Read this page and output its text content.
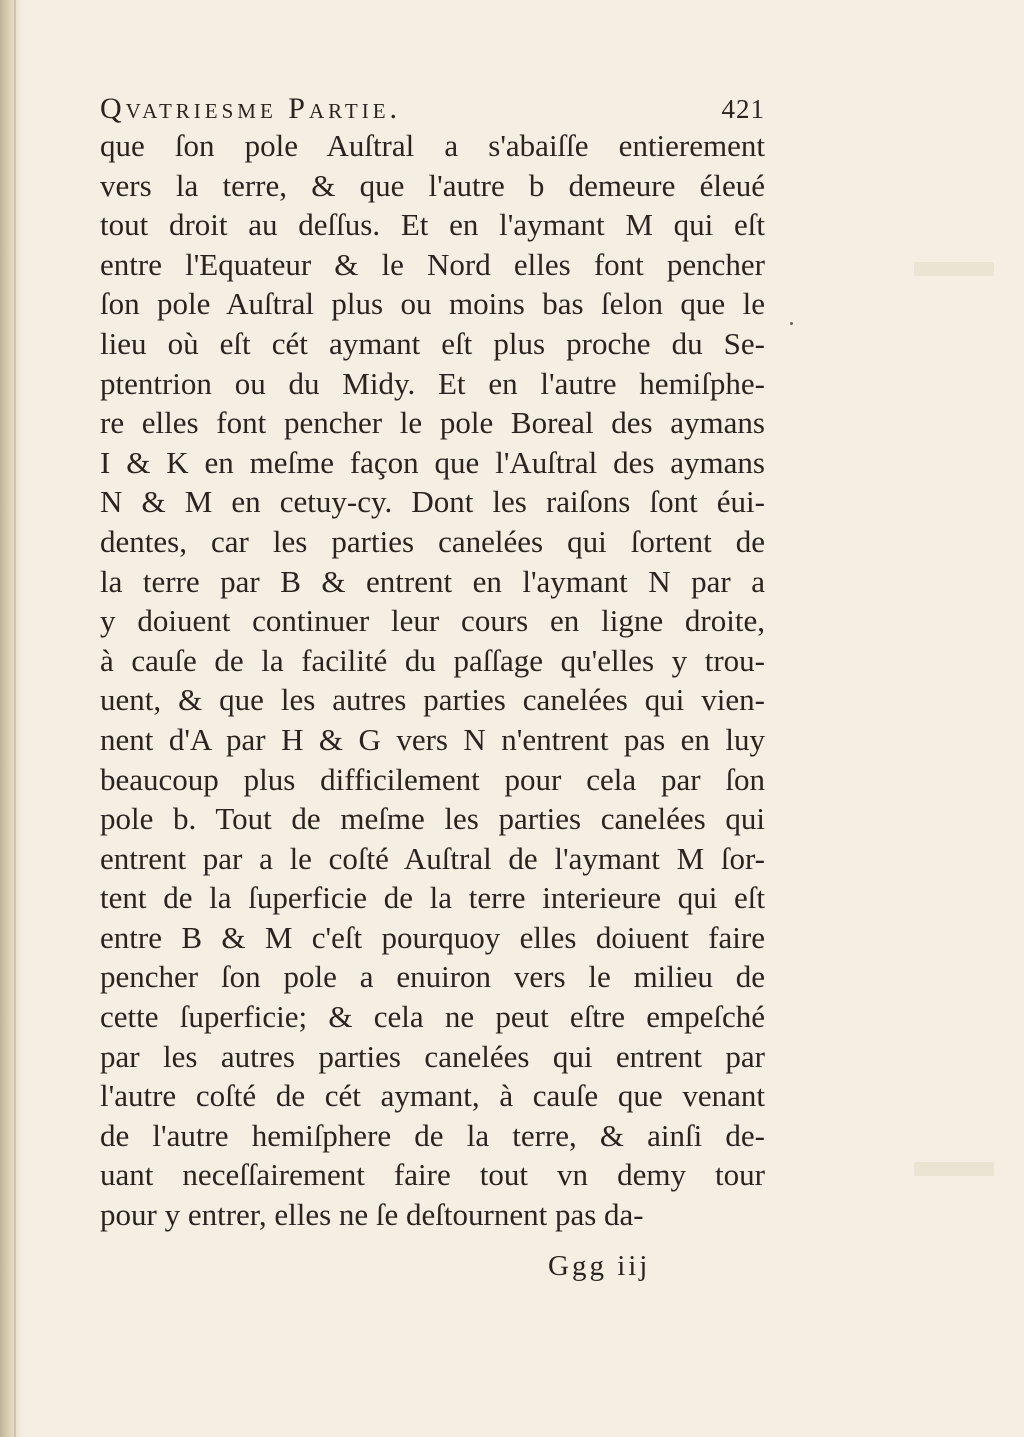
Qvatriesme Partie.	421
que ſon pole Auſtral a s'abaiſſe entierement
vers la terre, & que l'autre b demeure éleué
tout droit au deſſus. Et en l'aymant M qui eſt
entre l'Equateur & le Nord elles font pencher
ſon pole Auſtral plus ou moins bas ſelon que le
lieu où eſt cét aymant eſt plus proche du Se-
ptentrion ou du Midy. Et en l'autre hemiſphe-
re elles font pencher le pole Boreal des aymans
I & K en meſme façon que l'Auſtral des aymans
N & M en cetuy-cy. Dont les raiſons ſont éui-
dentes, car les parties canelées qui ſortent de
la terre par B & entrent en l'aymant N par a
y doiuent continuer leur cours en ligne droite,
à cauſe de la facilité du paſſage qu'elles y trou-
uent, & que les autres parties canelées qui vien-
nent d'A par H & G vers N n'entrent pas en luy
beaucoup plus difficilement pour cela par ſon
pole b. Tout de meſme les parties canelées qui
entrent par a le coſté Auſtral de l'aymant M ſor-
tent de la ſuperficie de la terre interieure qui eſt
entre B & M c'eſt pourquoy elles doiuent faire
pencher ſon pole a enuiron vers le milieu de
cette ſuperficie; & cela ne peut eſtre empeſché
par les autres parties canelées qui entrent par
l'autre coſté de cét aymant, à cauſe que venant
de l'autre hemiſphere de la terre, & ainſi de-
uant neceſſairement faire tout vn demy tour
pour y entrer, elles ne ſe deſtournent pas da-
Ggg iij
